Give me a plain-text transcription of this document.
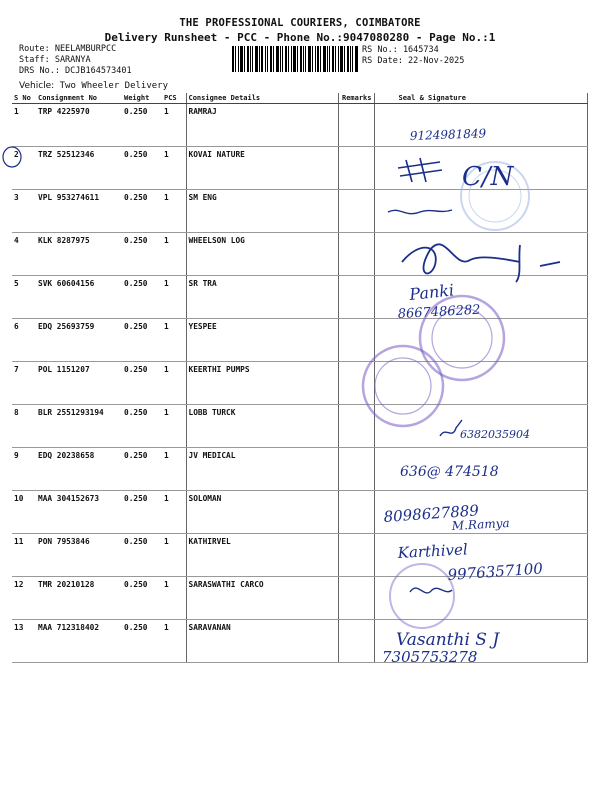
THE PROFESSIONAL COURIERS, COIMBATORE
Delivery Runsheet - PCC - Phone No.:9047080280 - Page No.:1
Route: NEELAMBURPCC
Staff: SARANYA
DRS No.: DCJB164573401
RS No.: 1645734
RS Date: 22-Nov-2025
Vehicle: Two Wheeler Delivery
S No	Consignment No	Weight	PCS	Consignee Details	Remarks	Seal & Signature
1	TRP 4225970	0.250	1	RAMRAJ		
2	TRZ 52512346	0.250	1	KOVAI NATURE		
3	VPL 953274611	0.250	1	SM ENG		
4	KLK 8287975	0.250	1	WHEELSON LOG		
5	SVK 60604156	0.250	1	SR TRA		
6	EDQ 25693759	0.250	1	YESPEE		
7	POL 1151207	0.250	1	KEERTHI PUMPS		
8	BLR 2551293194	0.250	1	LOBB TURCK		
9	EDQ 20238658	0.250	1	JV MEDICAL		
10	MAA 304152673	0.250	1	SOLOMAN		
11	PON 7953846	0.250	1	KATHIRVEL		
12	TMR 20210128	0.250	1	SARASWATHI CARCO		
13	MAA 712318402	0.250	1	SARAVANAN		
9124981849
C/N
Panki
8667486282
6382035904
636@ 474518
8098627889
M.Ramya
Karthivel
9976357100
Vasanthi S J
7305753278
